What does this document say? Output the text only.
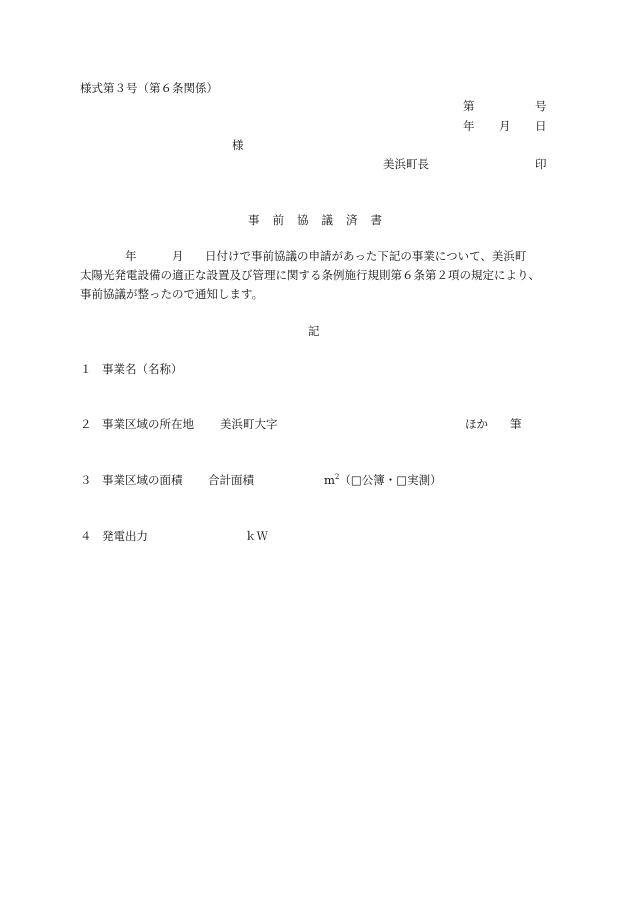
様式第３号（第６条関係）
第	号
年 月 日
様
美浜町長	印
事 前 協 議 済 書
年	月 日付けで事前協議の申請があった下記の事業について、美浜町
太陽光発電設備の適正な設置及び管理に関する条例施行規則第６条第２項の規定により、
事前協議が整ったので通知します。
記
１ 事業名（名称）
２ 事業区域の所在地 美浜町大字	ほか 筆
３ 事業区域の面積 合計面積	$m^2(□$公簿・□実測）
４ 発電出力	ｋＷ
